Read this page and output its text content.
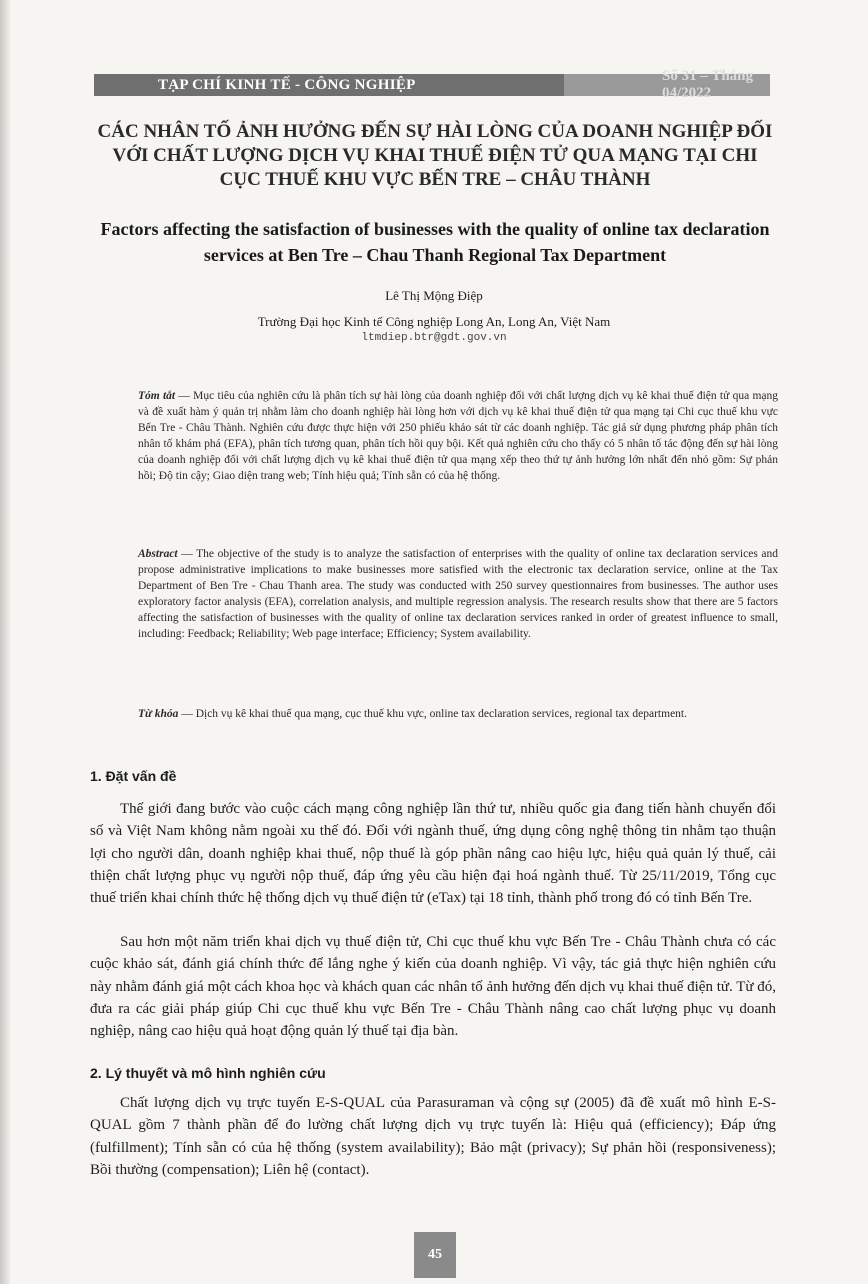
TẠP CHÍ KINH TẾ - CÔNG NGHIỆP
Số 31 – Tháng 04/2022
CÁC NHÂN TỐ ẢNH HƯỞNG ĐẾN SỰ HÀI LÒNG CỦA DOANH NGHIỆP ĐỐI VỚI CHẤT LƯỢNG DỊCH VỤ KHAI THUẾ ĐIỆN TỬ QUA MẠNG TẠI CHI CỤC THUẾ KHU VỰC BẾN TRE – CHÂU THÀNH
Factors affecting the satisfaction of businesses with the quality of online tax declaration services at Ben Tre – Chau Thanh Regional Tax Department
Lê Thị Mộng Điệp
Trường Đại học Kinh tế Công nghiệp Long An, Long An, Việt Nam
ltmdiep.btr@gdt.gov.vn

Tóm tắt — Mục tiêu của nghiên cứu là phân tích sự hài lòng của doanh nghiệp đối với chất lượng dịch vụ kê khai thuế điện tử qua mạng và đề xuất hàm ý quản trị nhằm làm cho doanh nghiệp hài lòng hơn với dịch vụ kê khai thuế điện tử qua mạng tại Chi cục thuế khu vực Bến Tre - Châu Thành. Nghiên cứu được thực hiện với 250 phiếu khảo sát từ các doanh nghiệp. Tác giả sử dụng phương pháp phân tích nhân tố khám phá (EFA), phân tích tương quan, phân tích hồi quy bội. Kết quả nghiên cứu cho thấy có 5 nhân tố tác động đến sự hài lòng của doanh nghiệp đối với chất lượng dịch vụ kê khai thuế điện tử qua mạng xếp theo thứ tự ảnh hưởng lớn nhất đến nhỏ gồm: Sự phản hồi; Độ tin cậy; Giao diện trang web; Tính hiệu quả; Tính sẵn có của hệ thống.

Abstract — The objective of the study is to analyze the satisfaction of enterprises with the quality of online tax declaration services and propose administrative implications to make businesses more satisfied with the electronic tax declaration service, online at the Tax Department of Ben Tre - Chau Thanh area. The study was conducted with 250 survey questionnaires from businesses. The author uses exploratory factor analysis (EFA), correlation analysis, and multiple regression analysis. The research results show that there are 5 factors affecting the satisfaction of businesses with the quality of online tax declaration services ranked in order of greatest influence to small, including: Feedback; Reliability; Web page interface; Efficiency; System availability.

Từ khóa — Dịch vụ kê khai thuế qua mạng, cục thuế khu vực, online tax declaration services, regional tax department.

1. Đặt vấn đề

Thế giới đang bước vào cuộc cách mạng công nghiệp lần thứ tư, nhiều quốc gia đang tiến hành chuyển đổi số và Việt Nam không nằm ngoài xu thế đó. Đối với ngành thuế, ứng dụng công nghệ thông tin nhằm tạo thuận lợi cho người dân, doanh nghiệp khai thuế, nộp thuế là góp phần nâng cao hiệu lực, hiệu quả quản lý thuế, cải thiện chất lượng phục vụ người nộp thuế, đáp ứng yêu cầu hiện đại hoá ngành thuế. Từ 25/11/2019, Tổng cục thuế triển khai chính thức hệ thống dịch vụ thuế điện tử (eTax) tại 18 tỉnh, thành phố trong đó có tỉnh Bến Tre.

Sau hơn một năm triển khai dịch vụ thuế điện tử, Chi cục thuế khu vực Bến Tre - Châu Thành chưa có các cuộc khảo sát, đánh giá chính thức để lắng nghe ý kiến của doanh nghiệp. Vì vậy, tác giả thực hiện nghiên cứu này nhằm đánh giá một cách khoa học và khách quan các nhân tố ảnh hưởng đến dịch vụ khai thuế điện tử. Từ đó, đưa ra các giải pháp giúp Chi cục thuế khu vực Bến Tre - Châu Thành nâng cao chất lượng phục vụ doanh nghiệp, nâng cao hiệu quả hoạt động quản lý thuế tại địa bàn.

2. Lý thuyết và mô hình nghiên cứu

Chất lượng dịch vụ trực tuyến E-S-QUAL của Parasuraman và cộng sự (2005) đã đề xuất mô hình E-S-QUAL gồm 7 thành phần để đo lường chất lượng dịch vụ trực tuyến là: Hiệu quả (efficiency); Đáp ứng (fulfillment); Tính sẵn có của hệ thống (system availability); Bảo mật (privacy); Sự phản hồi (responsiveness); Bồi thường (compensation); Liên hệ (contact).

45
